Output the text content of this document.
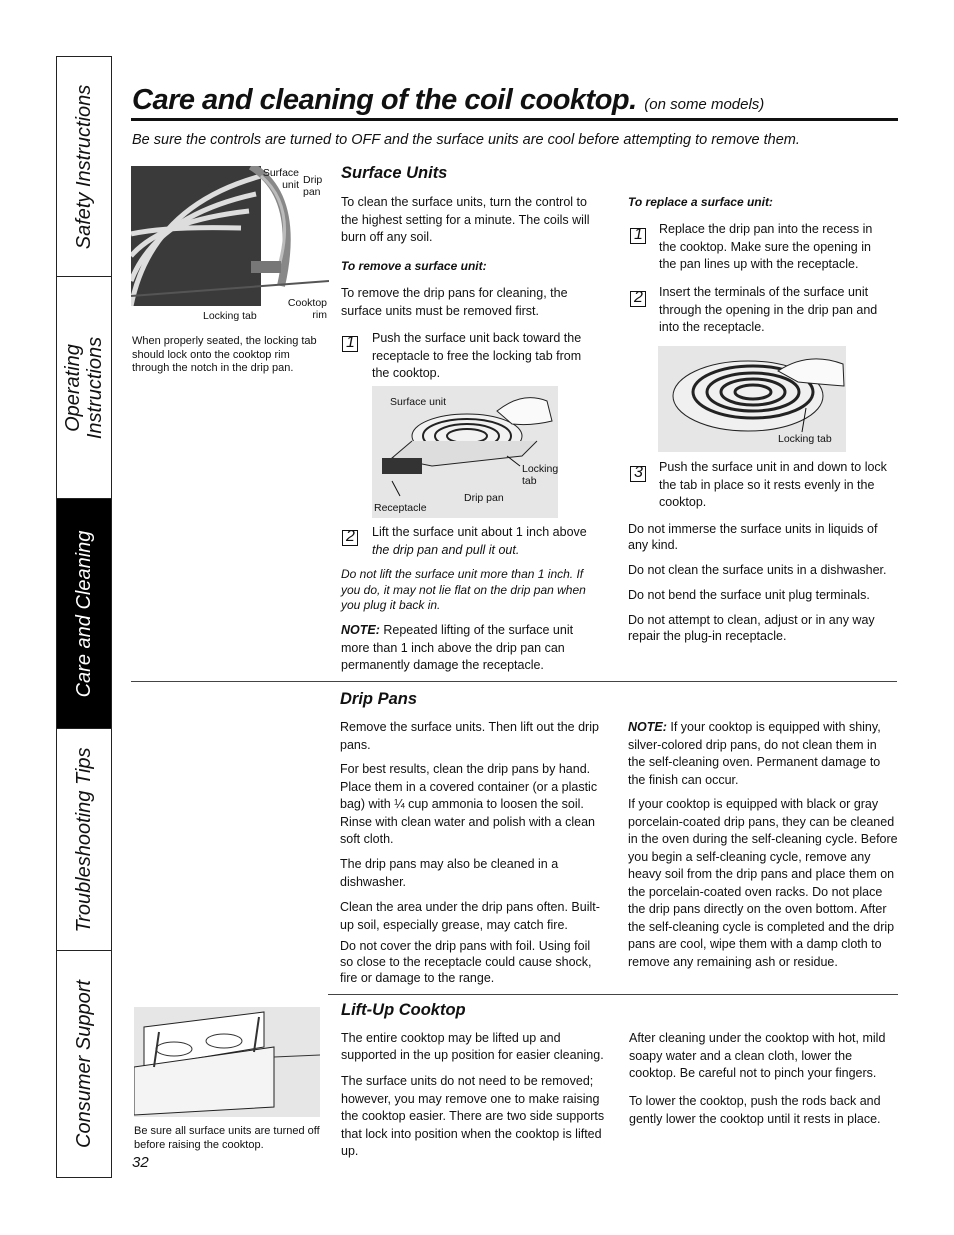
Safety Instructions
Operating Instructions
Care and Cleaning
Troubleshooting Tips
Consumer Support
Care and cleaning of the coil cooktop. (on some models)
Be sure the controls are turned to OFF and the surface units are cool before attempting to remove them.
Surface unit Drip pan
Cooktop rim
Locking tab
When properly seated, the locking tab should lock onto the cooktop rim through the notch in the drip pan.
Surface Units

To clean the surface units, turn the control to the highest setting for a minute. The coils will burn off any soil.

To remove a surface unit:

To remove the drip pans for cleaning, the surface units must be removed first.

1 Push the surface unit back toward the receptacle to free the locking tab from the cooktop.

Surface unit
Locking tab
Drip pan
Receptacle
2 Lift the surface unit about 1 inch above
the drip pan and pull it out.

Do not lift the surface unit more than 1 inch. If you do, it may not lie flat on the drip pan when you plug it back in.

NOTE: Repeated lifting of the surface unit more than 1 inch above the drip pan can permanently damage the receptacle.

To replace a surface unit:

1 Replace the drip pan into the recess in the cooktop. Make sure the opening in the pan lines up with the receptacle.

2 Insert the terminals of the surface unit through the opening in the drip pan and into the receptacle.

Locking tab
3 Push the surface unit in and down to lock the tab in place so it rests evenly in the cooktop.

Do not immerse the surface units in liquids of any kind.

Do not clean the surface units in a dishwasher.

Do not bend the surface unit plug terminals.

Do not attempt to clean, adjust or in any way repair the plug-in receptacle.

Drip Pans

Remove the surface units. Then lift out the drip pans.

For best results, clean the drip pans by hand. Place them in a covered container (or a plastic bag) with ¼ cup ammonia to loosen the soil. Rinse with clean water and polish with a clean soft cloth.

The drip pans may also be cleaned in a dishwasher.

Clean the area under the drip pans often. Built-up soil, especially grease, may catch fire.

Do not cover the drip pans with foil. Using foil so close to the receptacle could cause shock, fire or damage to the range.

NOTE: If your cooktop is equipped with shiny, silver-colored drip pans, do not clean them in the self-cleaning oven. Permanent damage to the finish can occur.

If your cooktop is equipped with black or gray porcelain-coated drip pans, they can be cleaned in the oven during the self-cleaning cycle. Before you begin a self-cleaning cycle, remove any heavy soil from the drip pans and place them on the porcelain-coated oven racks. Do not place the drip pans directly on the oven bottom. After the self-cleaning cycle is completed and the drip pans are cool, wipe them with a damp cloth to remove any remaining ash or residue.

Be sure all surface units are turned off before raising the cooktop.
Lift-Up Cooktop

The entire cooktop may be lifted up and supported in the up position for easier cleaning.

The surface units do not need to be removed; however, you may remove one to make raising the cooktop easier. There are two side supports that lock into position when the cooktop is lifted up.

After cleaning under the cooktop with hot, mild soapy water and a clean cloth, lower the cooktop. Be careful not to pinch your fingers.

To lower the cooktop, push the rods back and gently lower the cooktop until it rests in place.

32
